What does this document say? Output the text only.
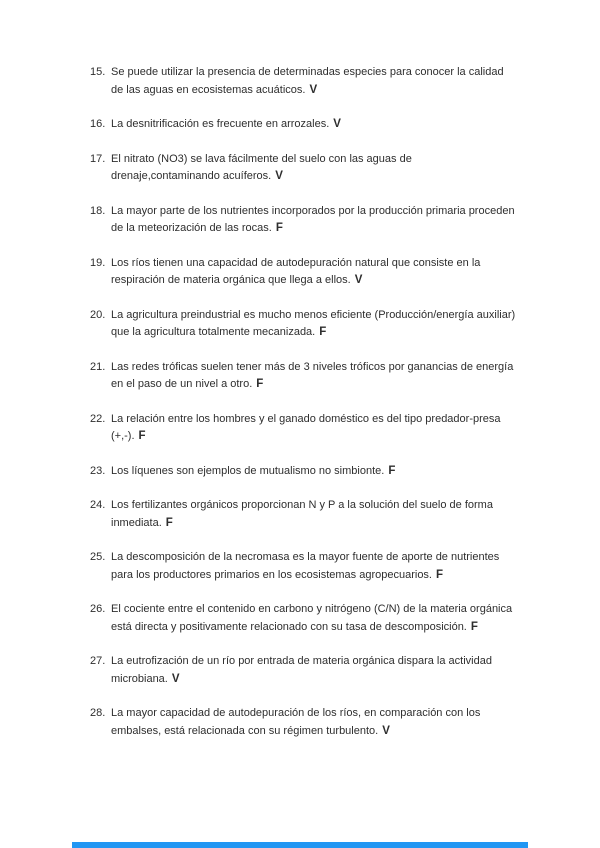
15. Se puede utilizar la presencia de determinadas especies para conocer la calidad de las aguas en ecosistemas acuáticos. V
16. La desnitrificación es frecuente en arrozales. V
17. El nitrato (NO3) se lava fácilmente del suelo con las aguas de drenaje,contaminando acuíferos. V
18. La mayor parte de los nutrientes incorporados por la producción primaria proceden de la meteorización de las rocas. F
19. Los ríos tienen una capacidad de autodepuración natural que consiste en la respiración de materia orgánica que llega a ellos. V
20. La agricultura preindustrial es mucho menos eficiente (Producción/energía auxiliar) que la agricultura totalmente mecanizada. F
21. Las redes tróficas suelen tener más de 3 niveles tróficos por ganancias de energía en el paso de un nivel a otro. F
22. La relación entre los hombres y el ganado doméstico es del tipo predador-presa (+,-). F
23. Los líquenes son ejemplos de mutualismo no simbionte. F
24. Los fertilizantes orgánicos proporcionan N y P a la solución del suelo de forma inmediata. F
25. La descomposición de la necromasa es la mayor fuente de aporte de nutrientes para los productores primarios en los ecosistemas agropecuarios. F
26. El cociente entre el contenido en carbono y nitrógeno (C/N) de la materia orgánica está directa y positivamente relacionado con su tasa de descomposición. F
27. La eutrofización de un río por entrada de materia orgánica dispara la actividad microbiana. V
28. La mayor capacidad de autodepuración de los ríos, en comparación con los embalses, está relacionada con su régimen turbulento. V
